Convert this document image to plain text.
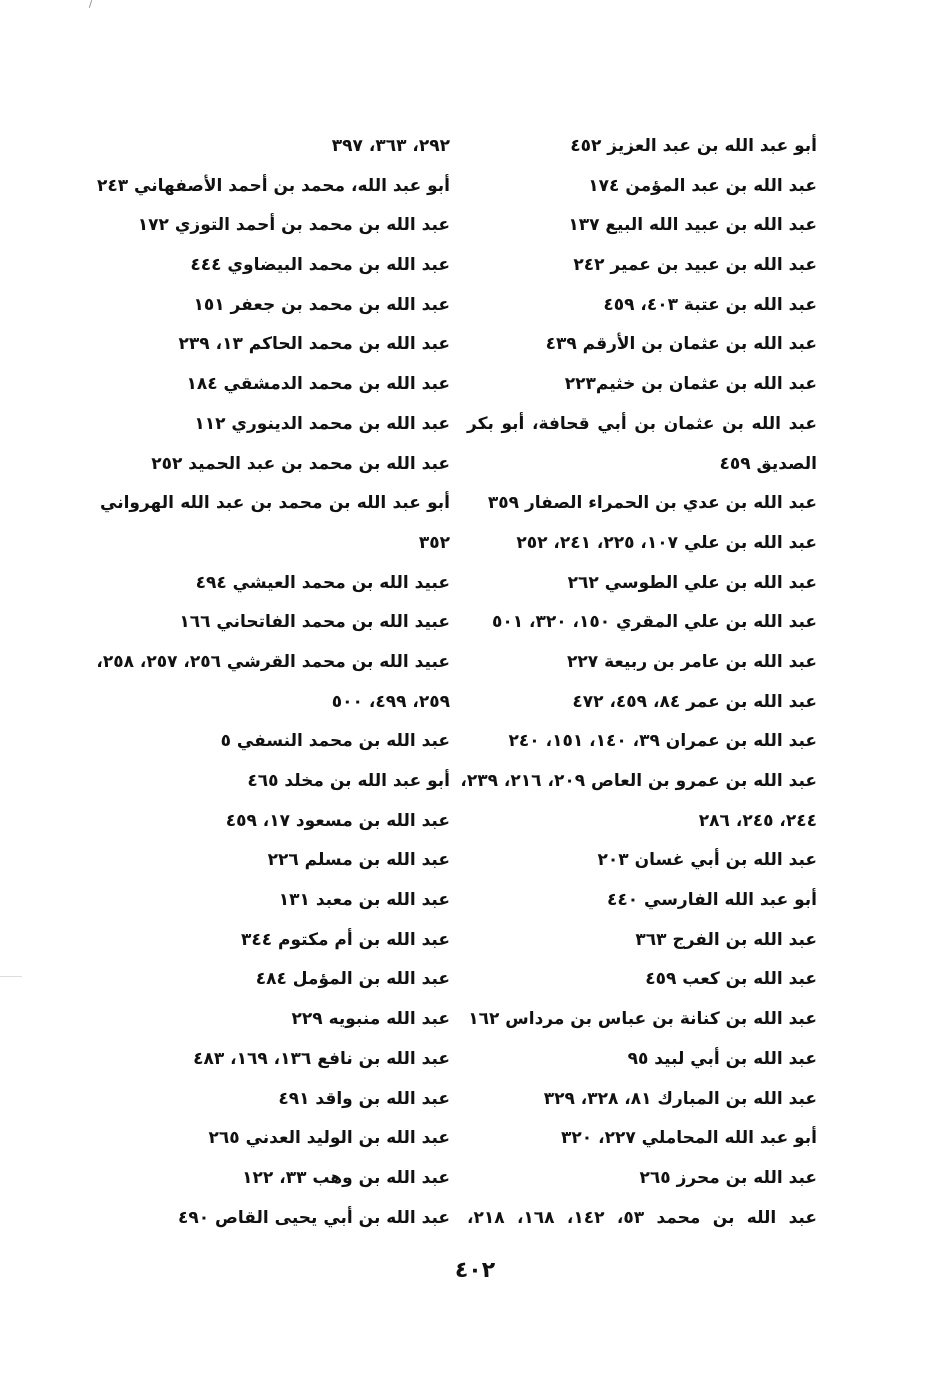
أبو عبد الله بن عبد العزيز ٤٥٢
عبد الله بن عبد المؤمن ١٧٤
عبد الله بن عبيد الله البيع ١٣٧
عبد الله بن عبيد بن عمير ٢٤٢
عبد الله بن عتبة ٤٠٣، ٤٥٩
عبد الله بن عثمان بن الأرقم ٤٣٩
عبد الله بن عثمان بن خثيم٢٢٣
عبد الله بن عثمان بن أبي قحافة، أبو بكر
الصديق ٤٥٩
عبد الله بن عدي بن الحمراء الصفار ٣٥٩
عبد الله بن علي ١٠٧، ٢٢٥، ٢٤١، ٢٥٢
عبد الله بن علي الطوسي ٢٦٢
عبد الله بن علي المقري ١٥٠، ٣٢٠، ٥٠١
عبد الله بن عامر بن ربيعة ٢٢٧
عبد الله بن عمر ٨٤، ٤٥٩، ٤٧٢
عبد الله بن عمران ٣٩، ١٤٠، ١٥١، ٢٤٠
عبد الله بن عمرو بن العاص ٢٠٩، ٢١٦، ٢٣٩،
٢٤٤، ٢٤٥، ٢٨٦
عبد الله بن أبي غسان ٢٠٣
أبو عبد الله الفارسي ٤٤٠
عبد الله بن الفرج ٣٦٣
عبد الله بن كعب ٤٥٩
عبد الله بن كنانة بن عباس بن مرداس ١٦٢
عبد الله بن أبي لبيد ٩٥
عبد الله بن المبارك ٨١، ٣٢٨، ٣٢٩
أبو عبد الله المحاملي ٢٢٧، ٣٢٠
عبد الله بن محرز ٢٦٥
عبد الله بن محمد ٥٣، ١٤٢، ١٦٨، ٢١٨،
٢٩٢، ٣٦٣، ٣٩٧
أبو عبد الله، محمد بن أحمد الأصفهاني ٢٤٣
عبد الله بن محمد بن أحمد التوزي ١٧٢
عبد الله بن محمد البيضاوي ٤٤٤
عبد الله بن محمد بن جعفر ١٥١
عبد الله بن محمد الحاكم ١٣، ٢٣٩
عبد الله بن محمد الدمشقي ١٨٤
عبد الله بن محمد الدينوري ١١٢
عبد الله بن محمد بن عبد الحميد ٢٥٢
أبو عبد الله بن محمد بن عبد الله الهرواني
٣٥٢
عبيد الله بن محمد العيشي ٤٩٤
عبيد الله بن محمد الفاتحاني ١٦٦
عبيد الله بن محمد القرشي ٢٥٦، ٢٥٧، ٢٥٨،
٢٥٩، ٤٩٩، ٥٠٠
عبد الله بن محمد النسفي ٥
أبو عبد الله بن مخلد ٤٦٥
عبد الله بن مسعود ١٧، ٤٥٩
عبد الله بن مسلم ٢٢٦
عبد الله بن معبد ١٣١
عبد الله بن أم مكتوم ٣٤٤
عبد الله بن المؤمل ٤٨٤
عبد الله منبويه ٢٢٩
عبد الله بن نافع ١٣٦، ١٦٩، ٤٨٣
عبد الله بن واقد ٤٩١
عبد الله بن الوليد العدني ٢٦٥
عبد الله بن وهب ٣٣، ١٢٢
عبد الله بن أبي يحيى القاص ٤٩٠
٤٠٢
